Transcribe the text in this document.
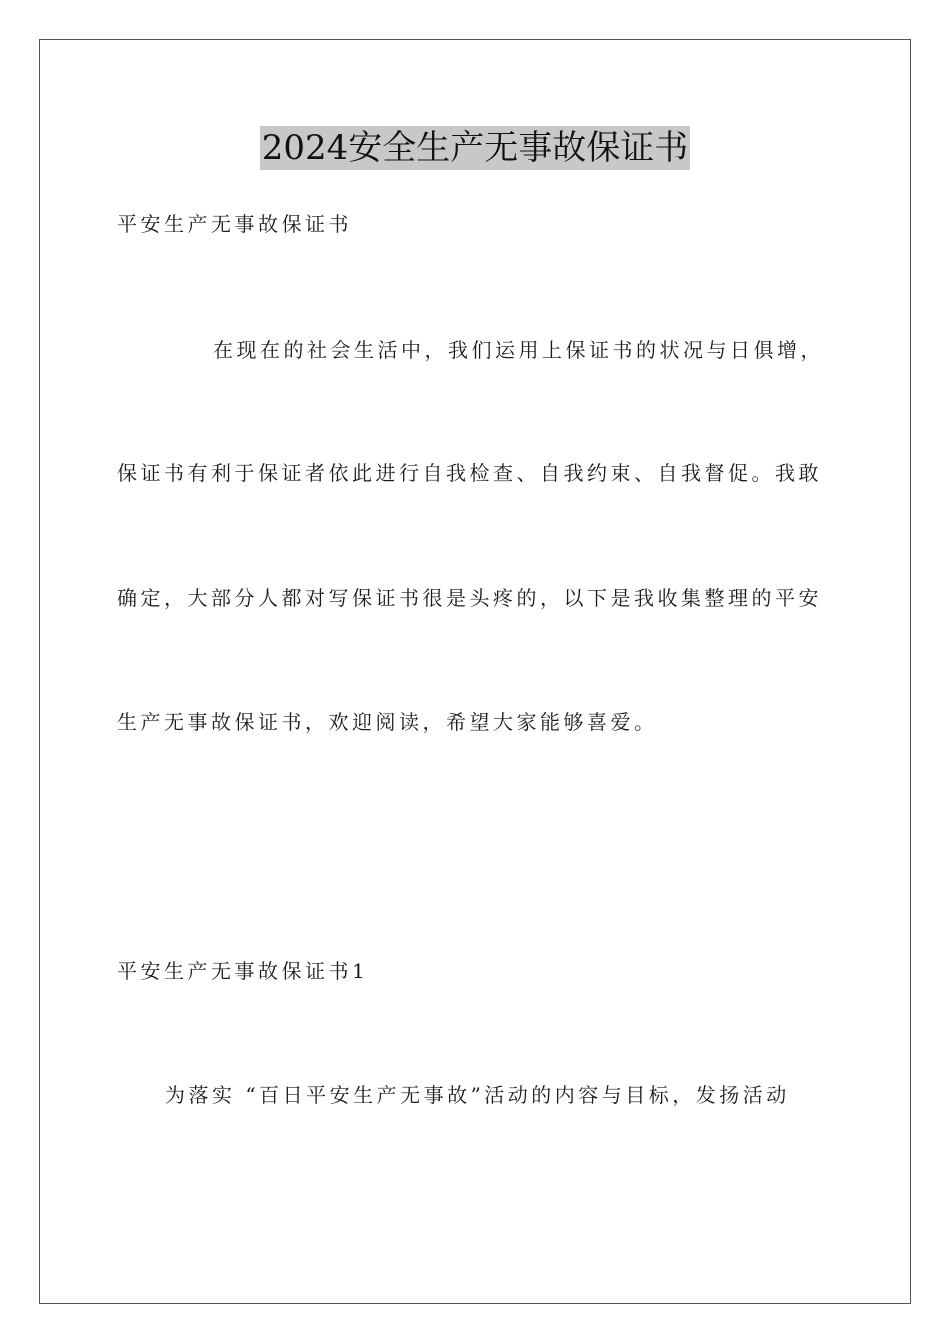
2024安全生产无事故保证书
平安生产无事故保证书
在现在的社会生活中，我们运用上保证书的状况与日俱增，
保证书有利于保证者依此进行自我检查、自我约束、自我督促。我敢
确定，大部分人都对写保证书很是头疼的，以下是我收集整理的平安
生产无事故保证书，欢迎阅读，希望大家能够喜爱。
平安生产无事故保证书1
为落实 “百日平安生产无事故”活动的内容与目标，发扬活动
